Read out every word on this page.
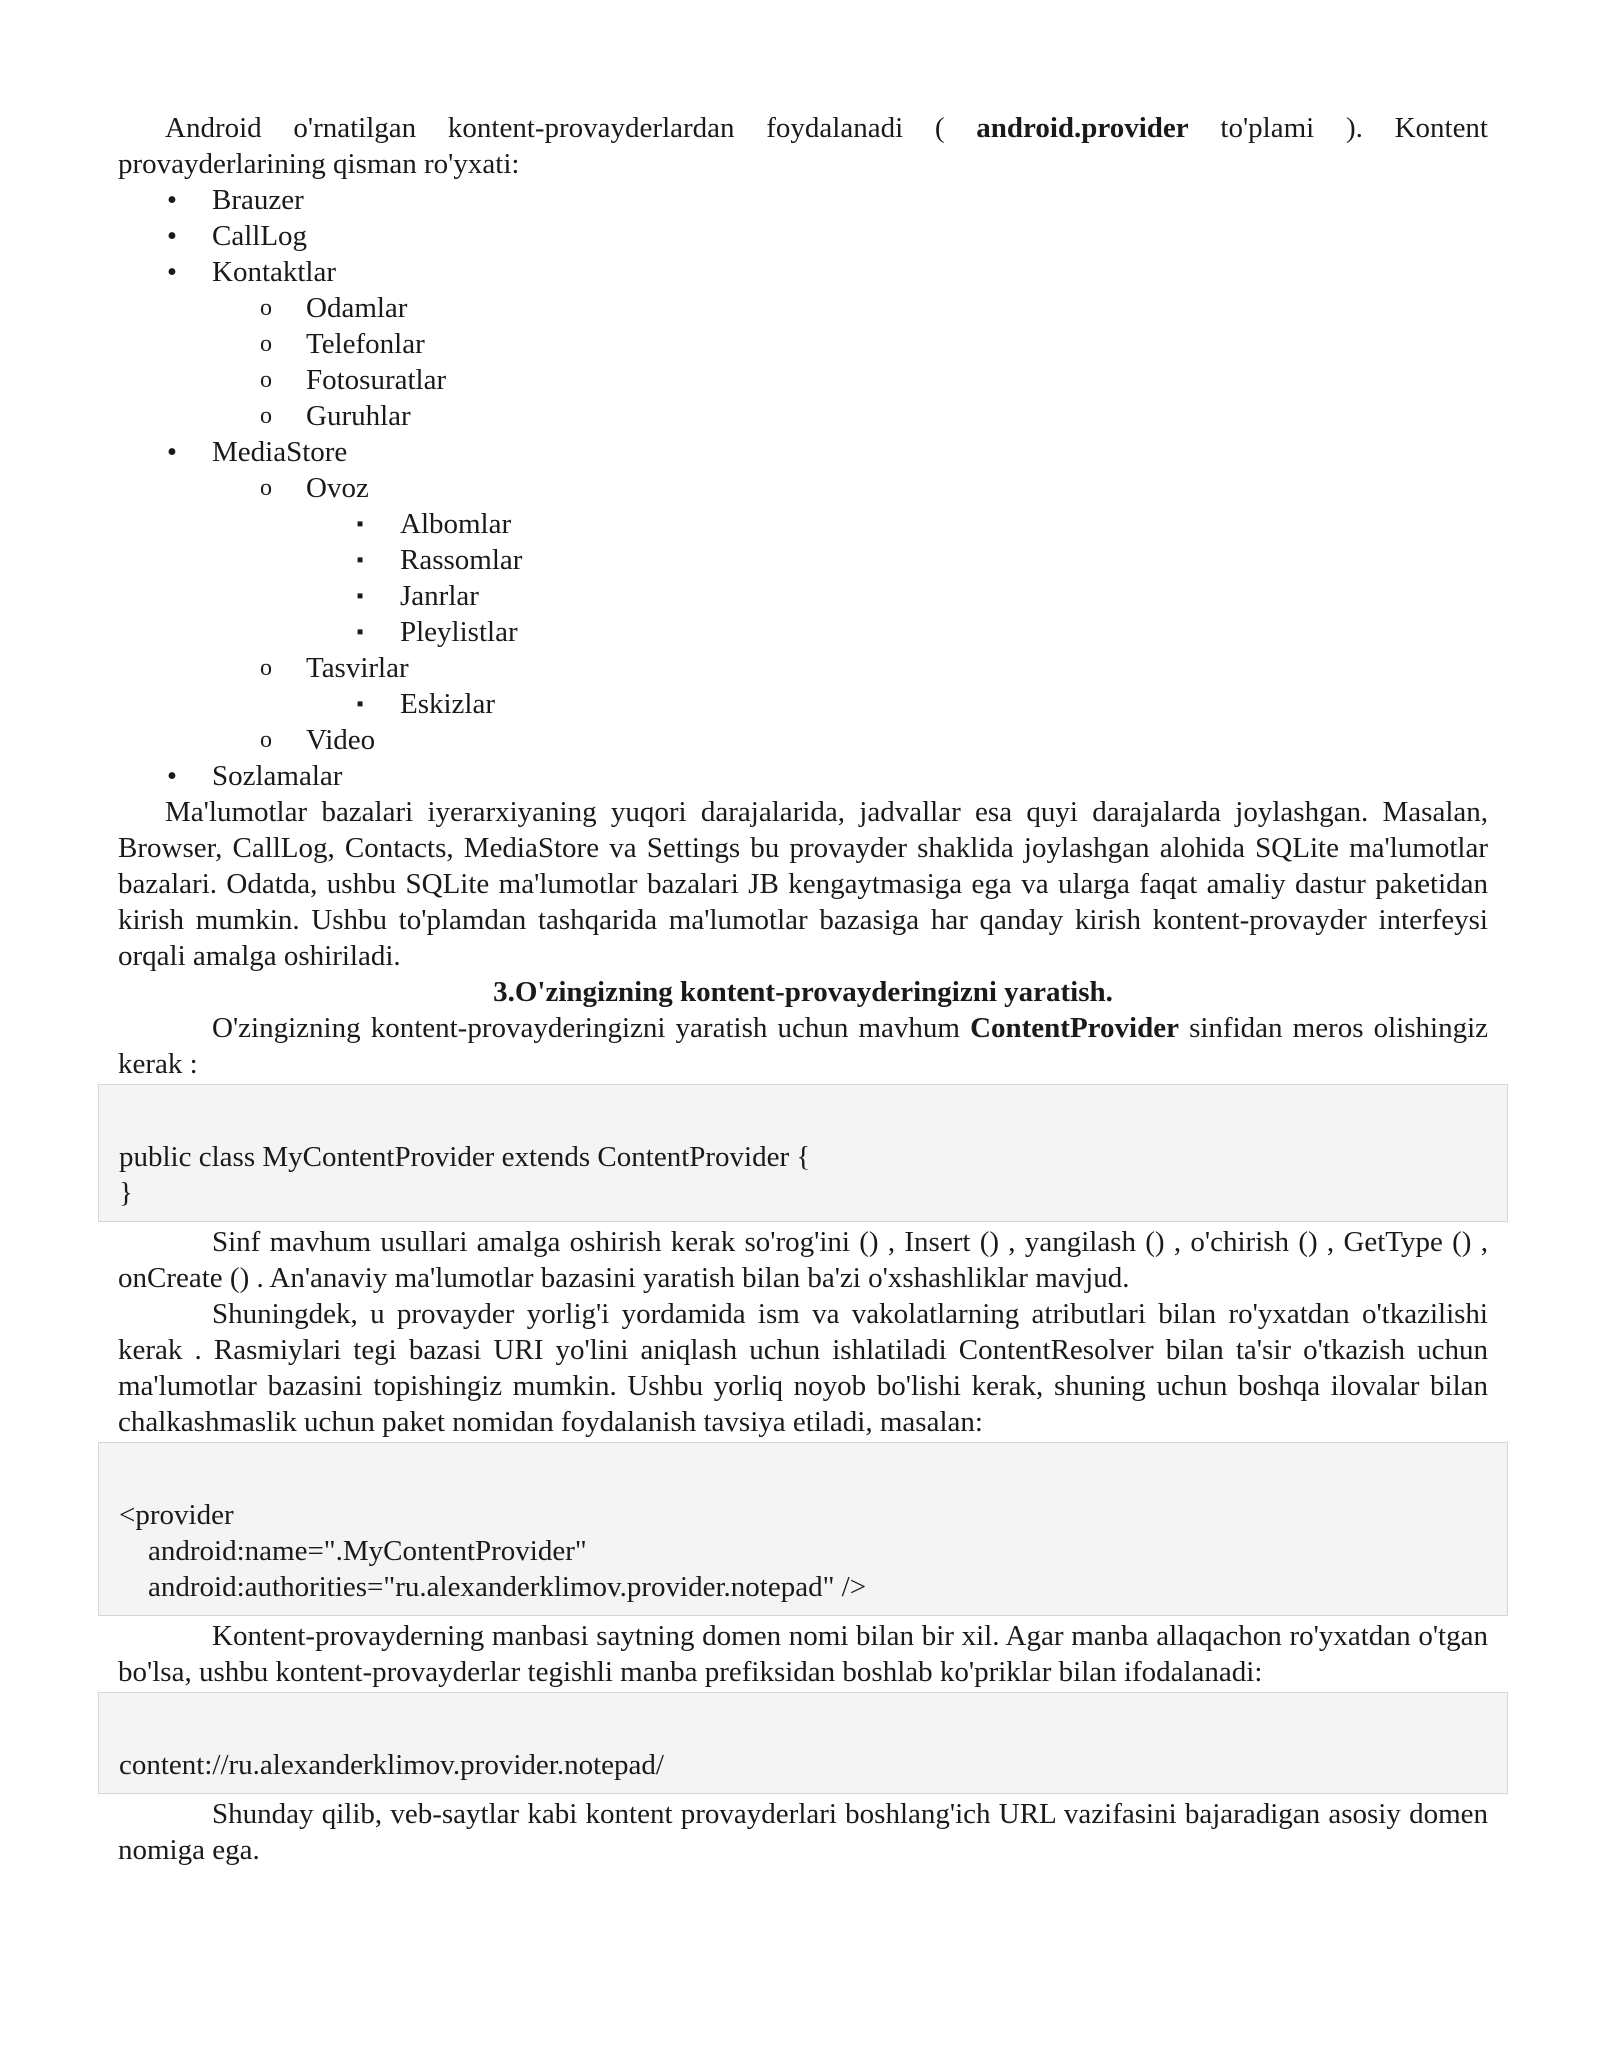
Android o'rnatilgan kontent-provayderlardan foydalanadi ( android.provider to'plami ). Kontent provayderlarining qisman ro'yxati:

• Brauzer
• CallLog
• Kontaktlar
o Odamlar
o Telefonlar
o Fotosuratlar
o Guruhlar
• MediaStore
o Ovoz
▪ Albomlar
▪ Rassomlar
▪ Janrlar
▪ Pleylistlar
o Tasvirlar
▪ Eskizlar
o Video
• Sozlamalar

Ma'lumotlar bazalari iyerarxiyaning yuqori darajalarida, jadvallar esa quyi darajalarda joylashgan. Masalan, Browser, CallLog, Contacts, MediaStore va Settings bu provayder shaklida joylashgan alohida SQLite ma'lumotlar bazalari. Odatda, ushbu SQLite ma'lumotlar bazalari JB kengaytmasiga ega va ularga faqat amaliy dastur paketidan kirish mumkin. Ushbu to'plamdan tashqarida ma'lumotlar bazasiga har qanday kirish kontent-provayder interfeysi orqali amalga oshiriladi.

3.O'zingizning kontent-provayderingizni yaratish.

O'zingizning kontent-provayderingizni yaratish uchun mavhum ContentProvider sinfidan meros olishingiz kerak :

public class MyContentProvider extends ContentProvider {
}

Sinf mavhum usullari amalga oshirish kerak so'rog'ini () , Insert () , yangilash () , o'chirish () , GetType () , onCreate () . An'anaviy ma'lumotlar bazasini yaratish bilan ba'zi o'xshashliklar mavjud.

Shuningdek, u provayder yorlig'i yordamida ism va vakolatlarning atributlari bilan ro'yxatdan o'tkazilishi kerak . Rasmiylari tegi bazasi URI yo'lini aniqlash uchun ishlatiladi ContentResolver bilan ta'sir o'tkazish uchun ma'lumotlar bazasini topishingiz mumkin. Ushbu yorliq noyob bo'lishi kerak, shuning uchun boshqa ilovalar bilan chalkashmaslik uchun paket nomidan foydalanish tavsiya etiladi, masalan:

<provider
android:name=".MyContentProvider"
android:authorities="ru.alexanderklimov.provider.notepad" />

Kontent-provayderning manbasi saytning domen nomi bilan bir xil. Agar manba allaqachon ro'yxatdan o'tgan bo'lsa, ushbu kontent-provayderlar tegishli manba prefiksidan boshlab ko'priklar bilan ifodalanadi:

content://ru.alexanderklimov.provider.notepad/

Shunday qilib, veb-saytlar kabi kontent provayderlari boshlang'ich URL vazifasini bajaradigan asosiy domen nomiga ega.
